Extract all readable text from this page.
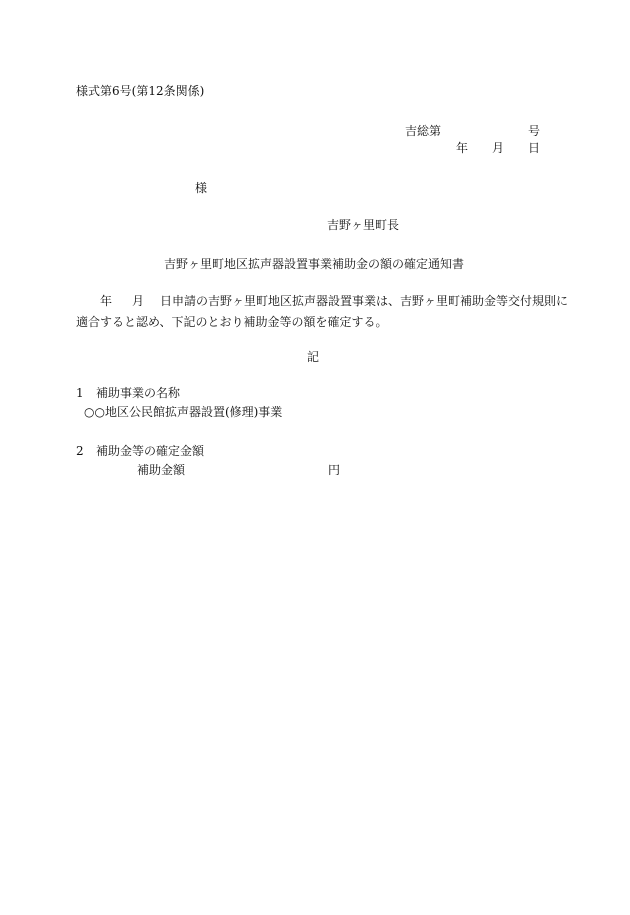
様式第6号(第12条関係)
吉総第	号
年 月 日
様
吉野ヶ里町長
吉野ヶ里町地区拡声器設置事業補助金の額の確定通知書
年 月 日申請の吉野ヶ里町地区拡声器設置事業は、吉野ヶ里町補助金等交付規則に
適合すると認め、下記のとおり補助金等の額を確定する。
記
1 補助事業の名称
○○地区公民館拡声器設置(修理)事業
2 補助金等の確定金額
補助金額	円
